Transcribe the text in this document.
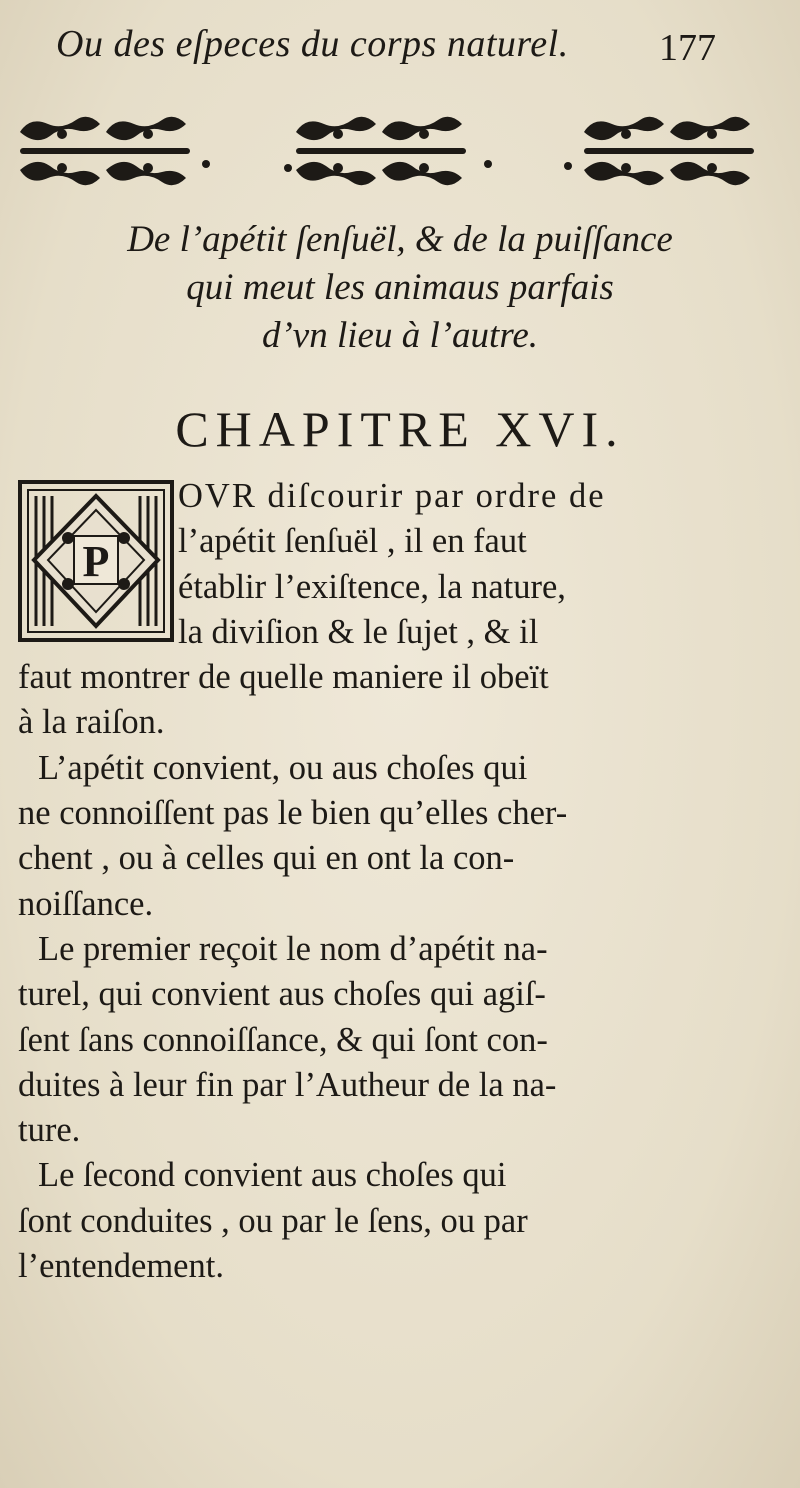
Ou des eſpeces du corps naturel. 177
De l’apétit ſenſuël, & de la puiſſance
qui meut les animaus parfais
d’vn lieu à l’autre.
CHAPITRE XVI.
P
OVR diſcourir par ordre de
l’apétit ſenſuël , il en faut
établir l’exiſtence, la nature,
la diviſion & le ſujet , & il
faut montrer de quelle maniere il obeït
à la raiſon.
L’apétit convient, ou aus choſes qui
ne connoiſſent pas le bien qu’elles cher-
chent , ou à celles qui en ont la con-
noiſſance.
Le premier reçoit le nom d’apétit na-
turel, qui convient aus choſes qui agiſ-
ſent ſans connoiſſance, & qui ſont con-
duites à leur fin par l’Autheur de la na-
ture.
Le ſecond convient aus choſes qui
ſont conduites , ou par le ſens, ou par
l’entendement.
